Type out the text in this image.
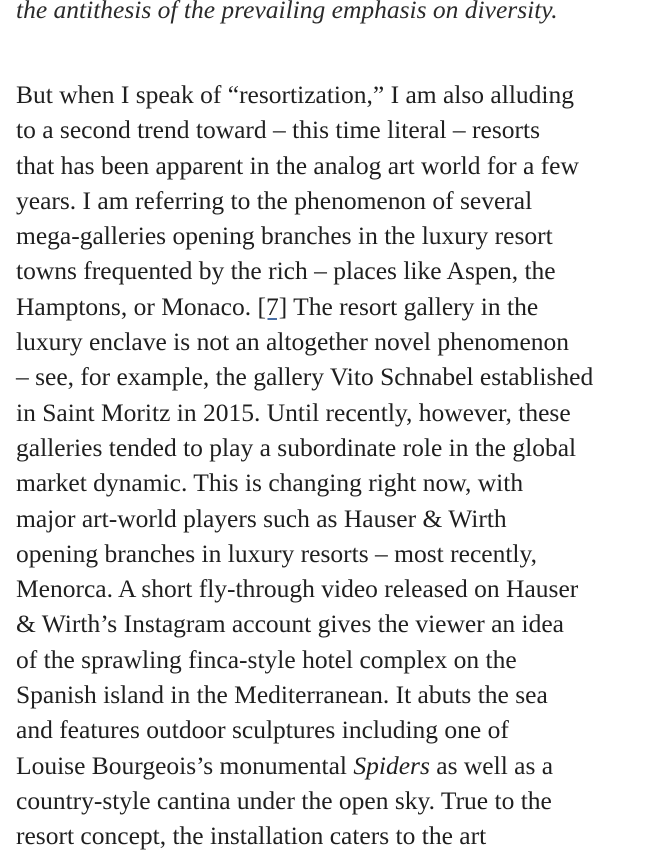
the antithesis of the prevailing emphasis on diversity.
But when I speak of “resortization,” I am also alluding
to a second trend toward – this time literal – resorts
that has been apparent in the analog art world for a few
years. I am referring to the phenomenon of several
mega-galleries opening branches in the luxury resort
towns frequented by the rich – places like Aspen, the
Hamptons, or Monaco. [7] The resort gallery in the
luxury enclave is not an altogether novel phenomenon
– see, for example, the gallery Vito Schnabel established
in Saint Moritz in 2015. Until recently, however, these
galleries tended to play a subordinate role in the global
market dynamic. This is changing right now, with
major art-world players such as Hauser & Wirth
opening branches in luxury resorts – most recently,
Menorca. A short fly-through video released on Hauser
& Wirth’s Instagram account gives the viewer an idea
of the sprawling finca-style hotel complex on the
Spanish island in the Mediterranean. It abuts the sea
and features outdoor sculptures including one of
Louise Bourgeois’s monumental Spiders as well as a
country-style cantina under the open sky. True to the
resort concept, the installation caters to the art
